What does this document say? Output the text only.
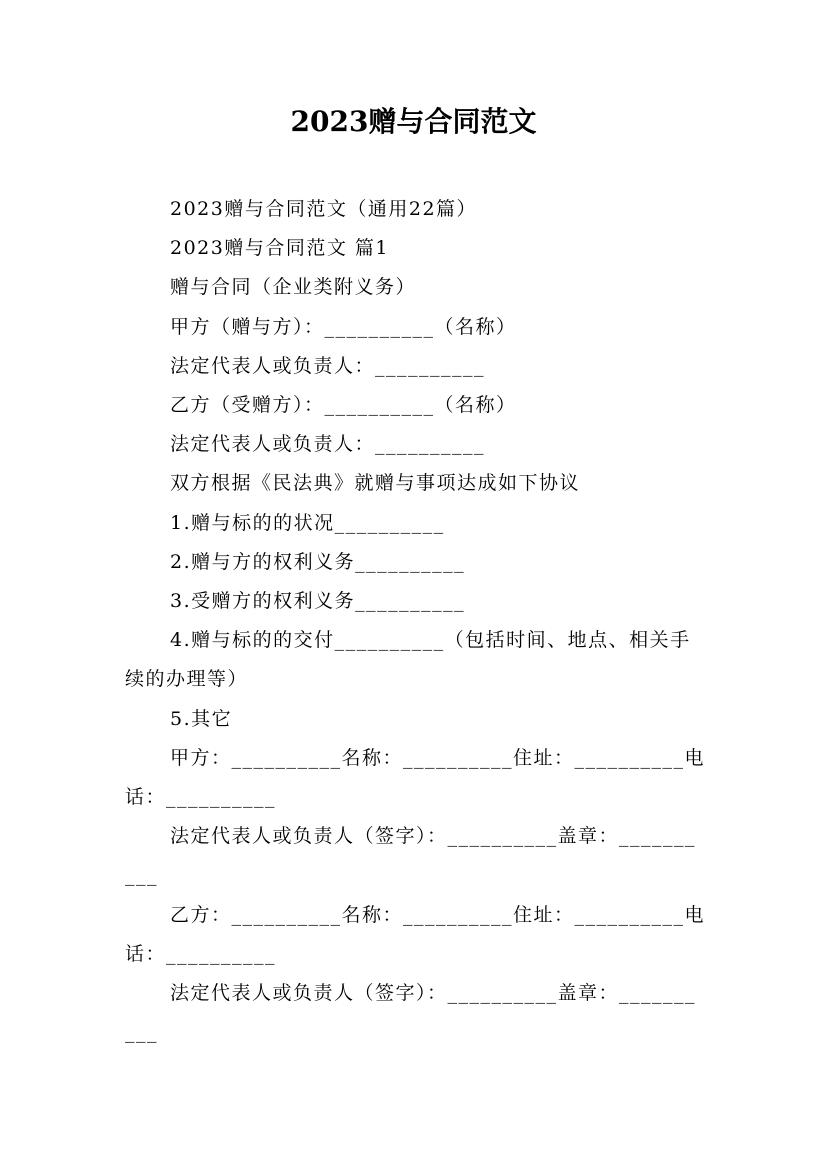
2023赠与合同范文

2023赠与合同范文（通用22篇）

2023赠与合同范文 篇1

赠与合同（企业类附义务）

甲方（赠与方）：__________（名称）

法定代表人或负责人：__________

乙方（受赠方）：__________（名称）

法定代表人或负责人：__________

双方根据《民法典》就赠与事项达成如下协议

1.赠与标的的状况__________

2.赠与方的权利义务__________

3.受赠方的权利义务__________

4.赠与标的的交付__________（包括时间、地点、相关手续的办理等）

5.其它

甲方：__________名称：__________住址：__________电话：__________

法定代表人或负责人（签字）：__________盖章：__________

乙方：__________名称：__________住址：__________电话：__________

法定代表人或负责人（签字）：__________盖章：__________
